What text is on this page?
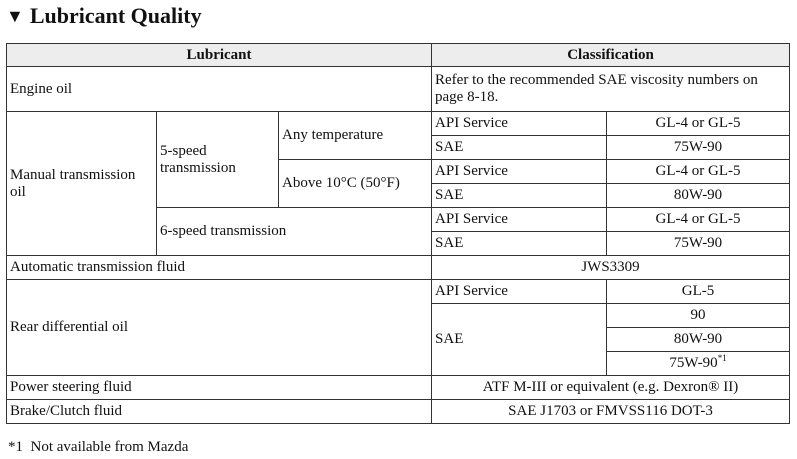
▼ Lubricant Quality
Lubricant			Classification	
Engine oil			Refer to the recommended SAE viscosity numbers on page 8-18.	
Manual transmission oil	5-speed transmission	Any temperature	API Service	GL-4 or GL-5
			SAE	75W-90
		Above 10°C (50°F)	API Service	GL-4 or GL-5
			SAE	80W-90
	6-speed transmission		API Service	GL-4 or GL-5
			SAE	75W-90
Automatic transmission fluid			JWS3309	
Rear differential oil			API Service	GL-5
			SAE	90
				80W-90
				75W-90$^{*1}$
Power steering fluid			ATF M-III or equivalent (e.g. Dexron® II)	
Brake/Clutch fluid			SAE J1703 or FMVSS116 DOT-3	
*1 Not available from Mazda
